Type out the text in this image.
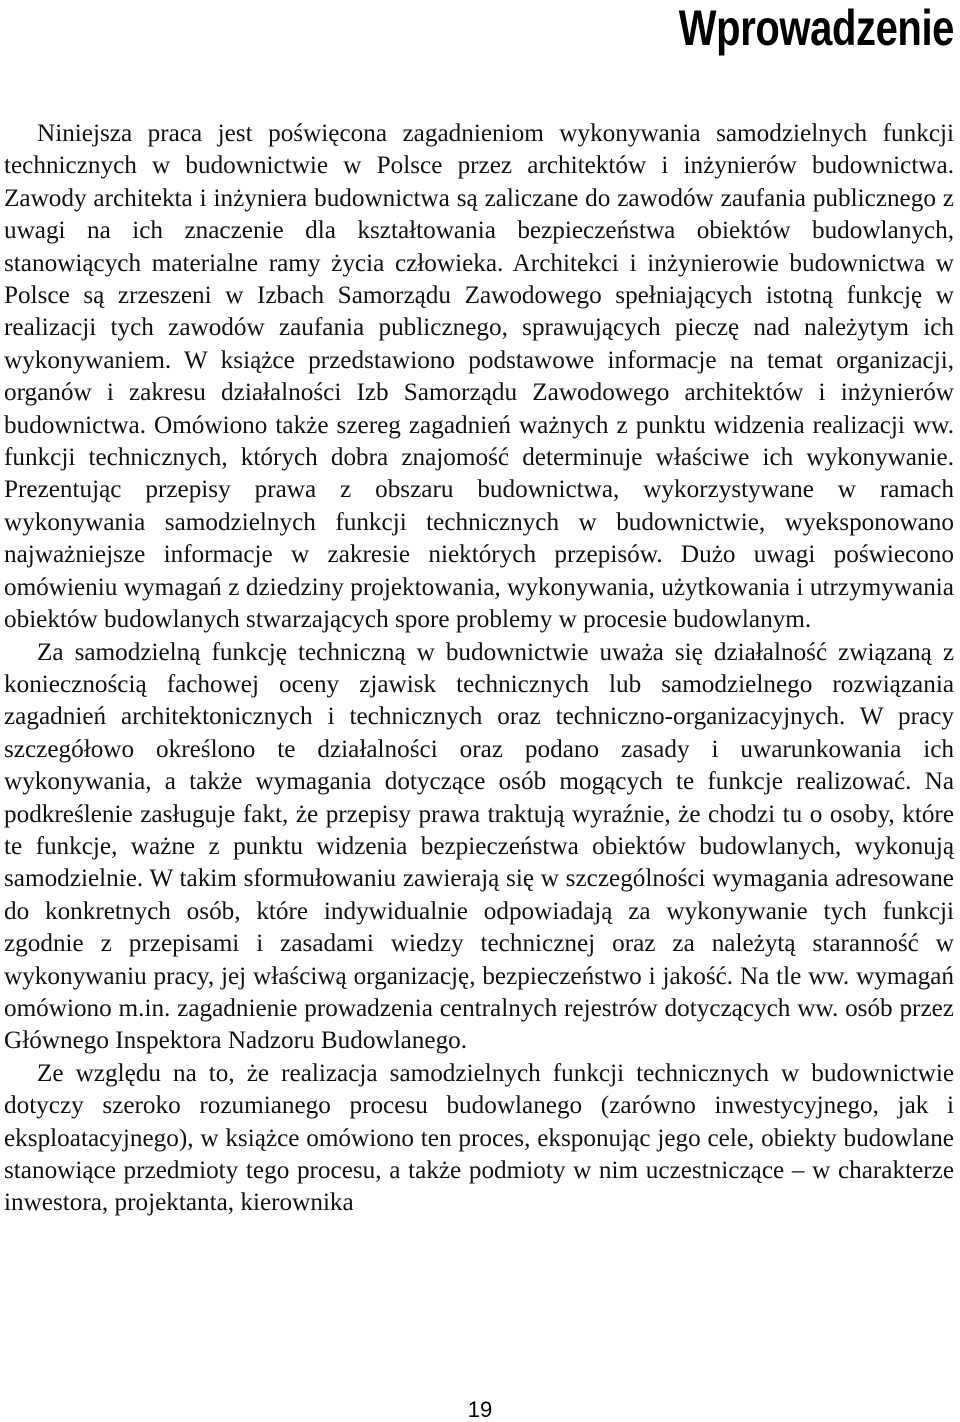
Wprowadzenie

Niniejsza praca jest poświęcona zagadnieniom wykonywania samodzielnych funkcji technicznych w budownictwie w Polsce przez architektów i inżynierów budownictwa. Zawody architekta i inżyniera budownictwa są zaliczane do zawodów zaufania publicznego z uwagi na ich znaczenie dla kształtowania bezpieczeństwa obiektów budowlanych, stanowiących materialne ramy życia człowieka. Architekci i inżynierowie budownictwa w Polsce są zrzeszeni w Izbach Samorządu Zawodowego spełniających istotną funkcję w realizacji tych zawodów zaufania publicznego, sprawujących pieczę nad należytym ich wykonywaniem. W książce przedstawiono podstawowe informacje na temat organizacji, organów i zakresu działalności Izb Samorządu Zawodowego architektów i inżynierów budownictwa. Omówiono także szereg zagadnień ważnych z punktu widzenia realizacji ww. funkcji technicznych, których dobra znajomość determinuje właściwe ich wykonywanie. Prezentując przepisy prawa z obszaru budownictwa, wykorzystywane w ramach wykonywania samodzielnych funkcji technicznych w budownictwie, wyeksponowano najważniejsze informacje w zakresie niektórych przepisów. Dużo uwagi poświecono omówieniu wymagań z dziedziny projektowania, wykonywania, użytkowania i utrzymywania obiektów budowlanych stwarzających spore problemy w procesie budowlanym.

Za samodzielną funkcję techniczną w budownictwie uważa się działalność związaną z koniecznością fachowej oceny zjawisk technicznych lub samodzielnego rozwiązania zagadnień architektonicznych i technicznych oraz techniczno-organizacyjnych. W pracy szczegółowo określono te działalności oraz podano zasady i uwarunkowania ich wykonywania, a także wymagania dotyczące osób mogących te funkcje realizować. Na podkreślenie zasługuje fakt, że przepisy prawa traktują wyraźnie, że chodzi tu o osoby, które te funkcje, ważne z punktu widzenia bezpieczeństwa obiektów budowlanych, wykonują samodzielnie. W takim sformułowaniu zawierają się w szczególności wymagania adresowane do konkretnych osób, które indywidualnie odpowiadają za wykonywanie tych funkcji zgodnie z przepisami i zasadami wiedzy technicznej oraz za należytą staranność w wykonywaniu pracy, jej właściwą organizację, bezpieczeństwo i jakość. Na tle ww. wymagań omówiono m.in. zagadnienie prowadzenia centralnych rejestrów dotyczących ww. osób przez Głównego Inspektora Nadzoru Budowlanego.

Ze względu na to, że realizacja samodzielnych funkcji technicznych w budownictwie dotyczy szeroko rozumianego procesu budowlanego (zarówno inwestycyjnego, jak i eksploatacyjnego), w książce omówiono ten proces, eksponując jego cele, obiekty budowlane stanowiące przedmioty tego procesu, a także podmioty w nim uczestniczące – w charakterze inwestora, projektanta, kierownika

19
